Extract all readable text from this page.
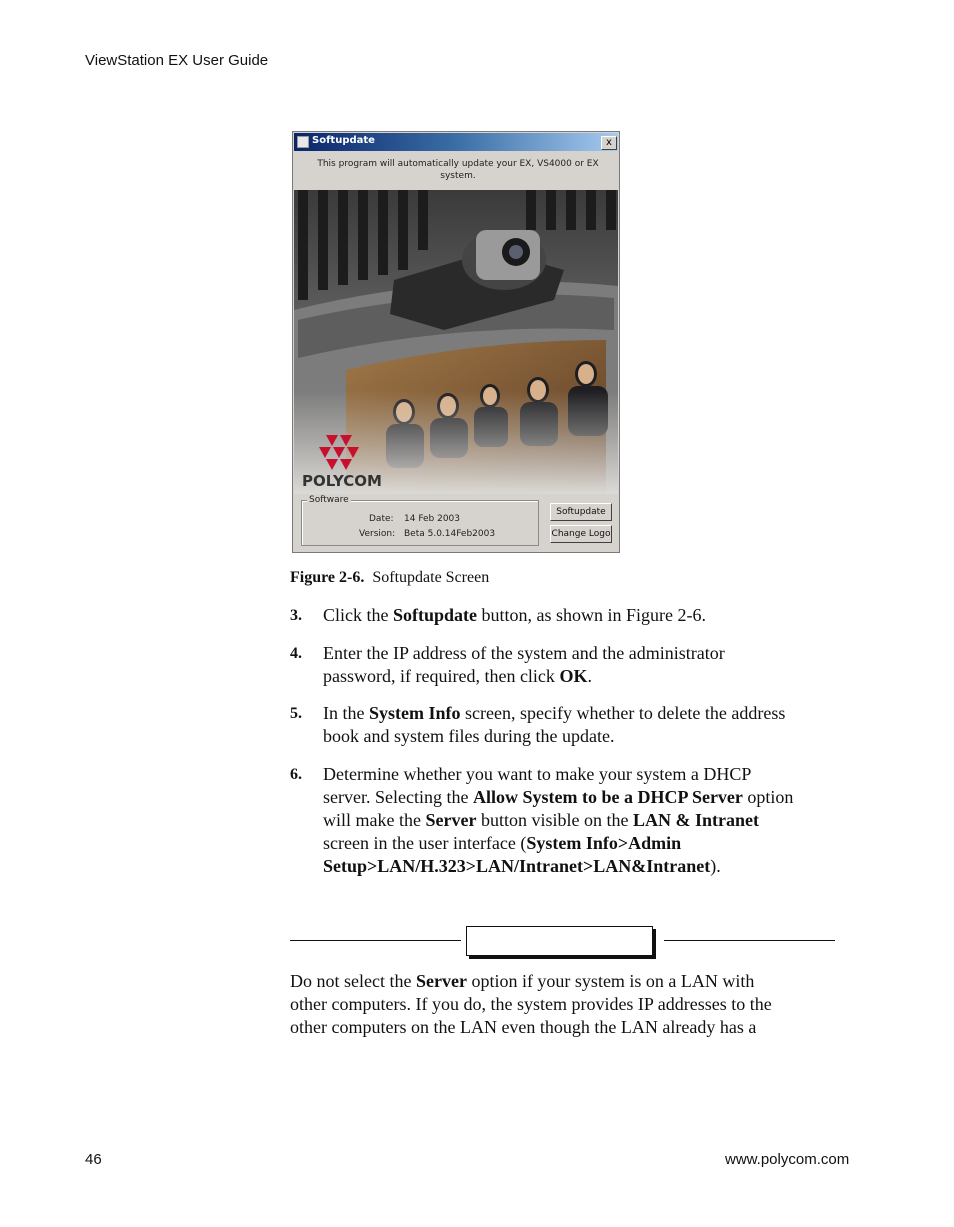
ViewStation EX User Guide
Softupdate	x
This program will automatically update your EX, VS4000 or EX
system.
POLYCOM
Software
Date: 14 Feb 2003
Version: Beta 5.0.14Feb2003
Softupdate
Change Logo
Figure 2-6. Softupdate Screen
3. Click the Softupdate button, as shown in Figure 2-6.
4. Enter the IP address of the system and the administrator
password, if required, then click OK.
5. In the System Info screen, specify whether to delete the address
book and system files during the update.
6. Determine whether you want to make your system a DHCP
server. Selecting the Allow System to be a DHCP Server option
will make the Server button visible on the LAN & Intranet
screen in the user interface (System Info>Admin
Setup>LAN/H.323>LAN/Intranet>LAN&Intranet).
Do not select the Server option if your system is on a LAN with
other computers. If you do, the system provides IP addresses to the
other computers on the LAN even though the LAN already has a
46	www.polycom.com
